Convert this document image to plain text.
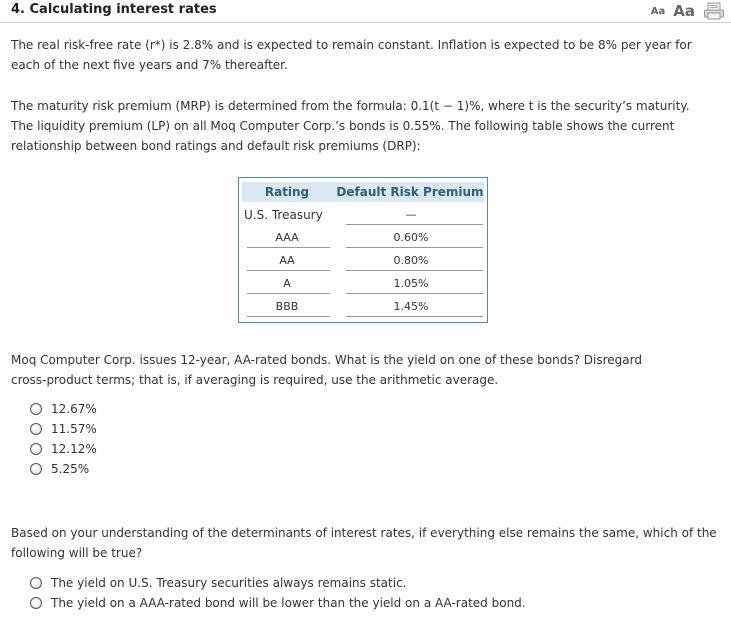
4. Calculating interest rates	Aa Aa
The real risk-free rate (r*) is 2.8% and is expected to remain constant. Inflation is expected to be 8% per year for
each of the next five years and 7% thereafter.
The maturity risk premium (MRP) is determined from the formula: 0.1(t − 1)%, where t is the security’s maturity.
The liquidity premium (LP) on all Moq Computer Corp.’s bonds is 0.55%. The following table shows the current
relationship between bond ratings and default risk premiums (DRP):
Rating	Default Risk Premium
U.S. Treasury	—
AAA	0.60%
AA	0.80%
A	1.05%
BBB	1.45%
Moq Computer Corp. issues 12-year, AA-rated bonds. What is the yield on one of these bonds? Disregard
cross-product terms; that is, if averaging is required, use the arithmetic average.
12.67%
11.57%
12.12%
5.25%
Based on your understanding of the determinants of interest rates, if everything else remains the same, which of the
following will be true?
The yield on U.S. Treasury securities always remains static.
The yield on a AAA-rated bond will be lower than the yield on a AA-rated bond.
